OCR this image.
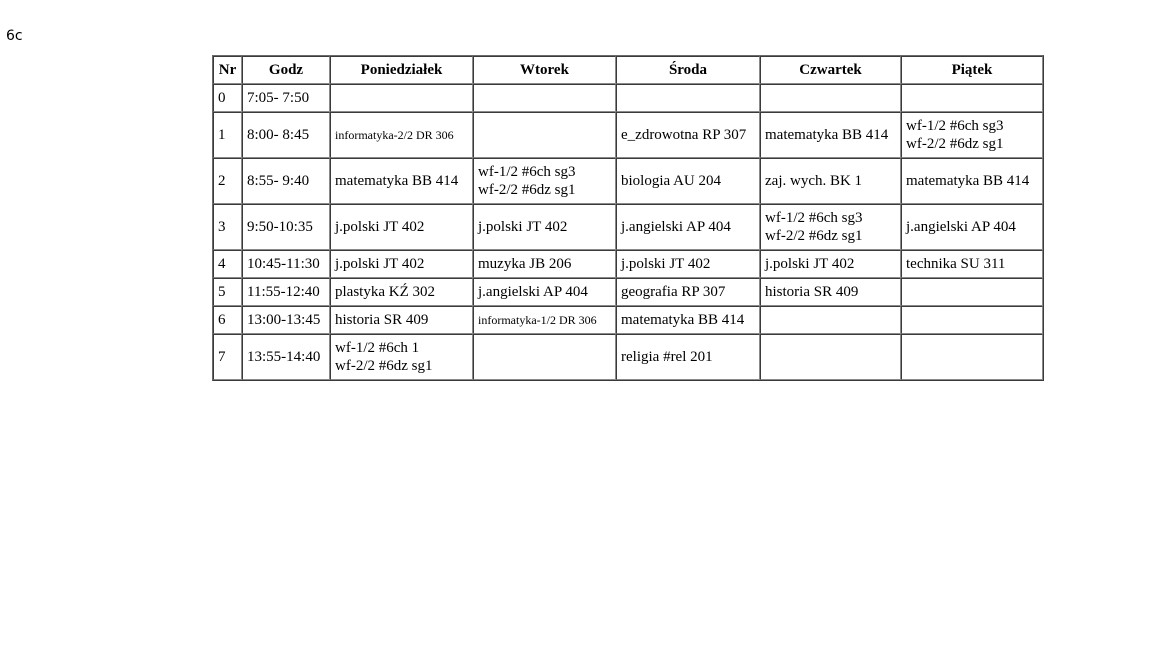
6c
Nr	Godz	Poniedziałek	Wtorek	Środa	Czwartek	Piątek
0	7:05- 7:50					
1	8:00- 8:45	informatyka-2/2 DR 306		e_zdrowotna RP 307	matematyka BB 414	wf-1/2 #6ch sg3
wf-2/2 #6dz sg1

2	8:55- 9:40	matematyka BB 414	wf-1/2 #6ch sg3
wf-2/2 #6dz sg1	biologia AU 204	zaj. wych. BK 1	matematyka BB 414

3	9:50-10:35	j.polski JT 402	j.polski JT 402	j.angielski AP 404	wf-1/2 #6ch sg3
wf-2/2 #6dz sg1	j.angielski AP 404

4	10:45-11:30	j.polski JT 402	muzyka JB 206	j.polski JT 402	j.polski JT 402	technika SU 311

5	11:55-12:40	plastyka KŹ 302	j.angielski AP 404	geografia RP 307	historia SR 409	

6	13:00-13:45	historia SR 409	informatyka-1/2 DR 306	matematyka BB 414		

7	13:55-14:40	wf-1/2 #6ch 1
wf-2/2 #6dz sg1		religia #rel 201		
